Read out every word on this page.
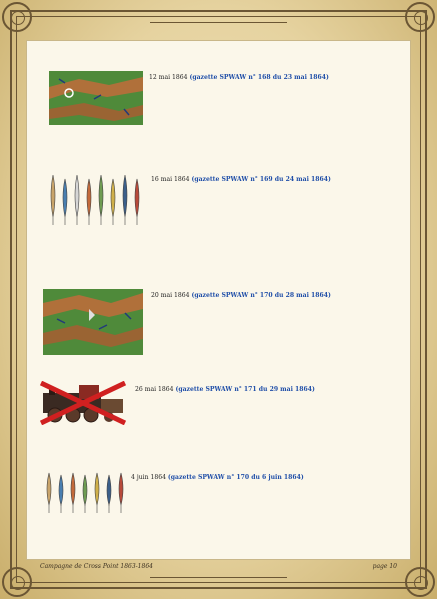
12 mai 1864 (gazette SPWAW n° 168 du 23 mai 1864)
16 mai 1864 (gazette SPWAW n° 169 du 24 mai 1864)
20 mai 1864 (gazette SPWAW n° 170 du 28 mai 1864)
26 mai 1864 (gazette SPWAW n° 171 du 29 mai 1864)
4 juin 1864 (gazette SPWAW n° 170 du 6 juin 1864)
Campagne de Cross Point 1863-1864	page 10
